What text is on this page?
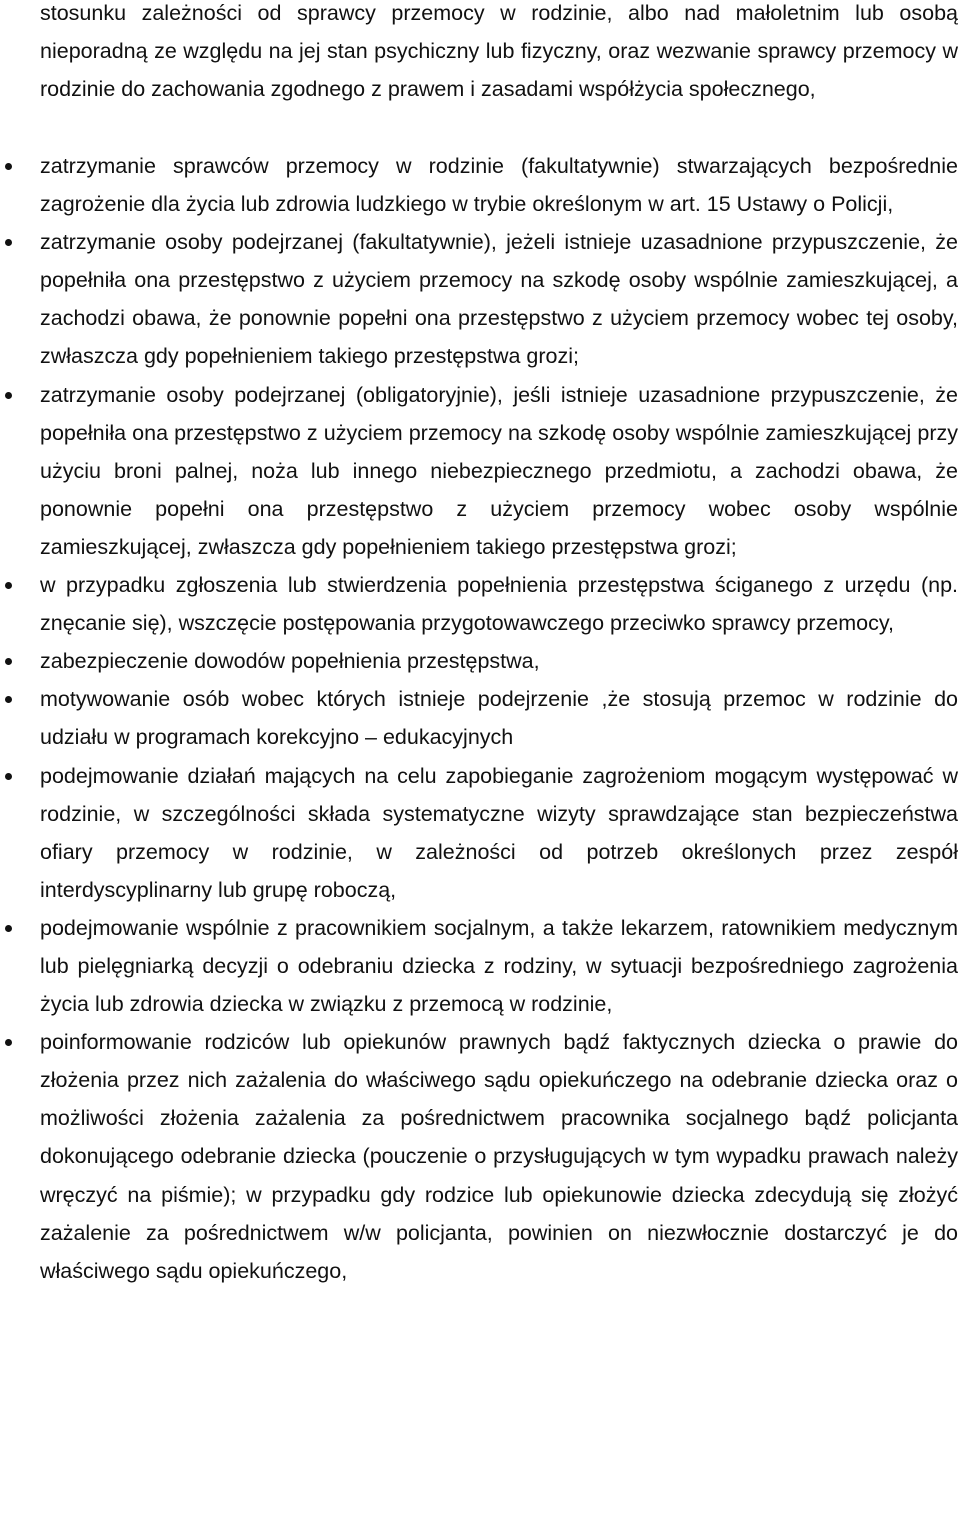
stosunku zależności od sprawcy przemocy w rodzinie, albo nad małoletnim lub osobą nieporadną ze względu na jej stan psychiczny lub fizyczny, oraz wezwanie sprawcy przemocy w rodzinie do zachowania zgodnego z prawem i zasadami współżycia społecznego,

zatrzymanie sprawców przemocy w rodzinie (fakultatywnie) stwarzających bezpośrednie zagrożenie dla życia lub zdrowia ludzkiego w trybie określonym w art. 15 Ustawy o Policji,
zatrzymanie osoby podejrzanej (fakultatywnie), jeżeli istnieje uzasadnione przypuszczenie, że popełniła ona przestępstwo z użyciem przemocy na szkodę osoby wspólnie zamieszkującej, a zachodzi obawa, że ponownie popełni ona przestępstwo z użyciem przemocy wobec tej osoby, zwłaszcza gdy popełnieniem takiego przestępstwa grozi;
zatrzymanie osoby podejrzanej (obligatoryjnie), jeśli istnieje uzasadnione przypuszczenie, że popełniła ona przestępstwo z użyciem przemocy na szkodę osoby wspólnie zamieszkującej przy użyciu broni palnej, noża lub innego niebezpiecznego przedmiotu, a zachodzi obawa, że ponownie popełni ona przestępstwo z użyciem przemocy wobec osoby wspólnie zamieszkującej, zwłaszcza gdy popełnieniem takiego przestępstwa grozi;
w przypadku zgłoszenia lub stwierdzenia popełnienia przestępstwa ściganego z urzędu (np. znęcanie się), wszczęcie postępowania przygotowawczego przeciwko sprawcy przemocy,
zabezpieczenie dowodów popełnienia przestępstwa,
motywowanie osób wobec których istnieje podejrzenie ,że stosują przemoc w rodzinie do udziału w programach korekcyjno – edukacyjnych
podejmowanie działań mających na celu zapobieganie zagrożeniom mogącym występować w rodzinie, w szczególności składa systematyczne wizyty sprawdzające stan bezpieczeństwa ofiary przemocy w rodzinie, w zależności od potrzeb określonych przez zespół interdyscyplinarny lub grupę roboczą,
podejmowanie wspólnie z pracownikiem socjalnym, a także lekarzem, ratownikiem medycznym lub pielęgniarką decyzji o odebraniu dziecka z rodziny, w sytuacji bezpośredniego zagrożenia życia lub zdrowia dziecka w związku z przemocą w rodzinie,
poinformowanie rodziców lub opiekunów prawnych bądź faktycznych dziecka o prawie do złożenia przez nich zażalenia do właściwego sądu opiekuńczego na odebranie dziecka oraz o możliwości złożenia zażalenia za pośrednictwem pracownika socjalnego bądź policjanta dokonującego odebranie dziecka (pouczenie o przysługujących w tym wypadku prawach należy wręczyć na piśmie); w przypadku gdy rodzice lub opiekunowie dziecka zdecydują się złożyć zażalenie za pośrednictwem w/w policjanta, powinien on niezwłocznie dostarczyć je do właściwego sądu opiekuńczego,
